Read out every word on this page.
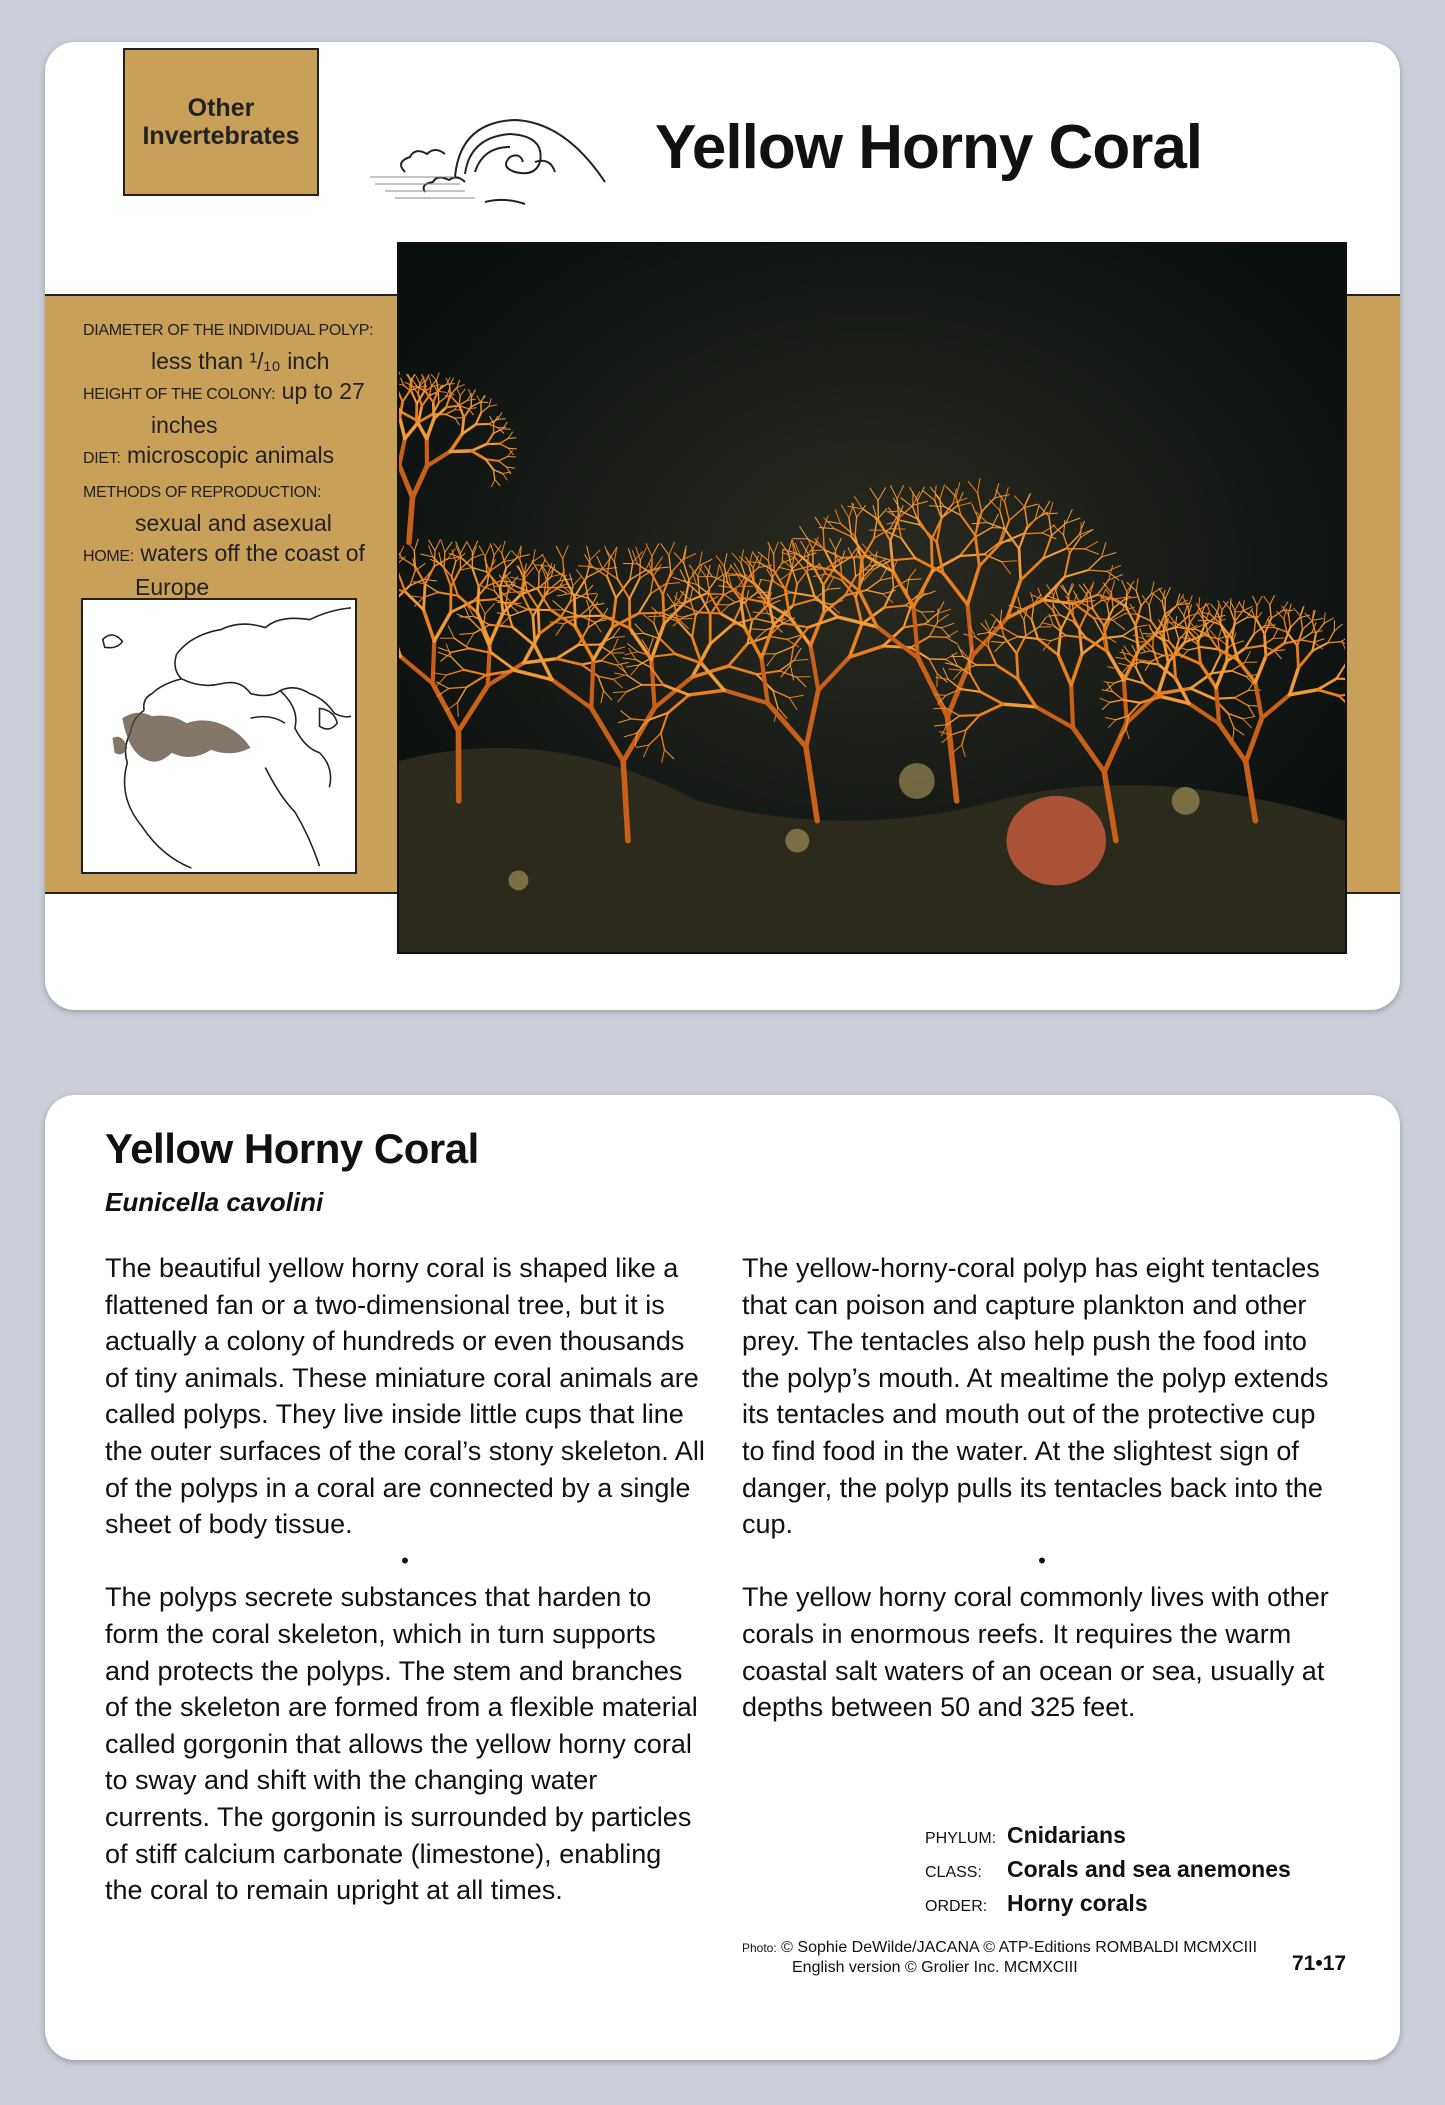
Other
Invertebrates	Yellow Horny Coral
DIAMETER OF THE INDIVIDUAL POLYP:
less than ¹/₁₀ inch
HEIGHT OF THE COLONY: up to 27
inches
DIET: microscopic animals
METHODS OF REPRODUCTION:
sexual and asexual
HOME: waters off the coast of
Europe
Yellow Horny Coral
Eunicella cavolini

The beautiful yellow horny coral is shaped like a flattened fan or a two-dimensional tree, but it is actually a colony of hundreds or even thousands of tiny animals. These miniature coral animals are called polyps. They live inside little cups that line the outer surfaces of the coral’s stony skeleton. All of the polyps in a coral are connected by a single sheet of body tissue.

•

The polyps secrete substances that harden to form the coral skeleton, which in turn supports and protects the polyps. The stem and branches of the skeleton are formed from a flexible material called gorgonin that allows the yellow horny coral to sway and shift with the changing water currents. The gorgonin is surrounded by particles of stiff calcium carbonate (limestone), enabling the coral to remain upright at all times.

The yellow-horny-coral polyp has eight tentacles that can poison and capture plankton and other prey. The tentacles also help push the food into the polyp’s mouth. At mealtime the polyp extends its tentacles and mouth out of the protective cup to find food in the water. At the slightest sign of danger, the polyp pulls its tentacles back into the cup.

•

The yellow horny coral commonly lives with other corals in enormous reefs. It requires the warm coastal salt waters of an ocean or sea, usually at depths between 50 and 325 feet.

PHYLUM: Cnidarians
CLASS: Corals and sea anemones
ORDER: Horny corals
Photo: © Sophie DeWilde/JACANA © ATP-Editions ROMBALDI MCMXCIII
English version © Grolier Inc. MCMXCIII	71•17
